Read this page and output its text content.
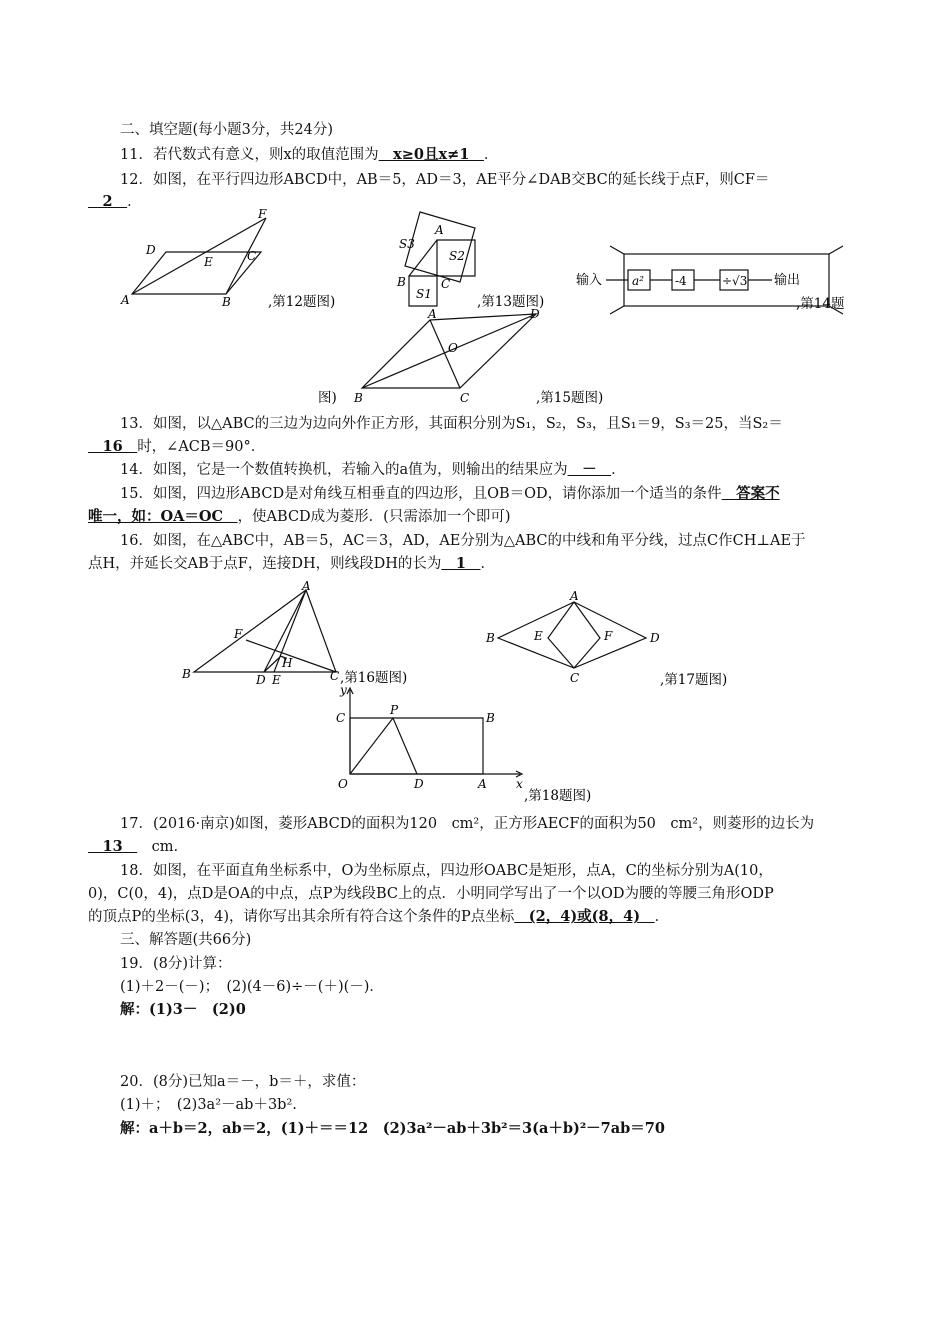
二、填空题(每小题3分，共24分)
11．若代数式有意义，则x的取值范围为　x≥0且x≠1　．
12．如图，在平行四边形ABCD中，AB＝5，AD＝3，AE平分∠DAB交BC的延长线于点F，则CF＝
　2　．
F
D
E	C
A	B	,第12题图)
A
S3
S2
B	C
S1	,第13题图)
输入 a²	-4	÷√3 输出
,第14题
A	D
O
B	C
图)	,第15题图)
13．如图，以△ABC的三边为边向外作正方形，其面积分别为S₁，S₂，S₃，且S₁＝9，S₃＝25，当S₂＝
　16　时，∠ACB＝90°．
14．如图，它是一个数值转换机，若输入的a值为，则输出的结果应为　－　．
15．如图，四边形ABCD是对角线互相垂直的四边形，且OB＝OD，请你添加一个适当的条件　答案不
唯一，如：OA＝OC　，使ABCD成为菱形．(只需添加一个即可)
16．如图，在△ABC中，AB＝5，AC＝3，AD，AE分别为△ABC的中线和角平分线，过点C作CH⊥AE于
点H，并延长交AB于点F，连接DH，则线段DH的长为　1　．
A
F
H
B	D E	C ,第16题图)
A
B	E	F	D
C	,第17题图)
y
C
P
B
O	D	A x
,第18题图)
17．(2016·南京)如图，菱形ABCD的面积为120　cm²，正方形AECF的面积为50　cm²，则菱形的边长为
　13　　cm.
18．如图，在平面直角坐标系中，O为坐标原点，四边形OABC是矩形，点A，C的坐标分别为A(10，
0)，C(0，4)，点D是OA的中点，点P为线段BC上的点．小明同学写出了一个以OD为腰的等腰三角形ODP
的顶点P的坐标(3，4)，请你写出其余所有符合这个条件的P点坐标　(2，4)或(8，4)　．
三、解答题(共66分)
19．(8分)计算：
(1)＋2－(－)；　(2)(4－6)÷－(＋)(－)．
解：(1)3－　(2)0
20．(8分)已知a＝－，b＝＋，求值：
(1)＋；　(2)3a²－ab＋3b².
解：a＋b＝2，ab＝2，(1)＋＝＝12　(2)3a²－ab＋3b²＝3(a＋b)²－7ab＝70
